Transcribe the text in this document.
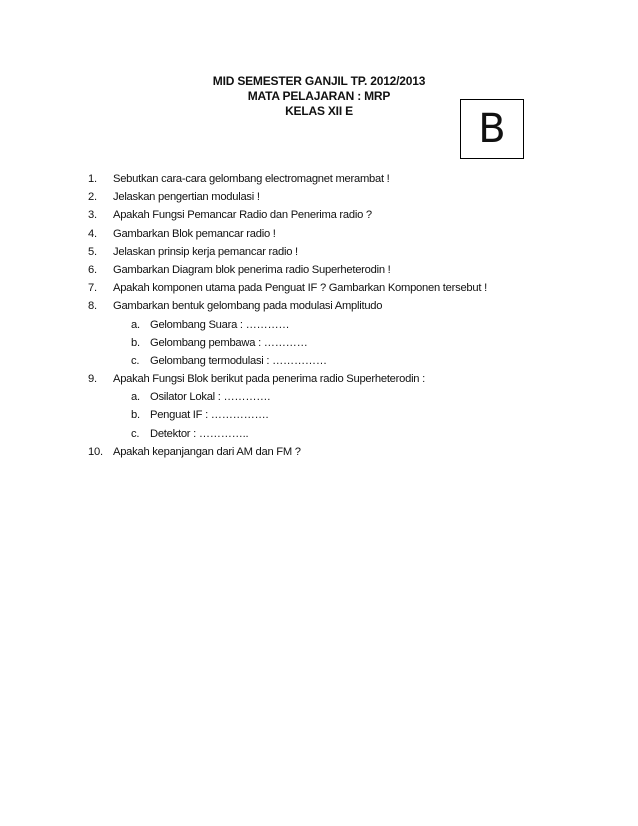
MID SEMESTER GANJIL TP. 2012/2013
MATA PELAJARAN : MRP
KELAS XII E	B
1. Sebutkan cara-cara gelombang electromagnet merambat !
2. Jelaskan pengertian modulasi !
3. Apakah Fungsi Pemancar Radio dan Penerima radio ?
4. Gambarkan Blok pemancar radio !
5. Jelaskan prinsip kerja pemancar radio !
6. Gambarkan Diagram blok penerima radio Superheterodin !
7. Apakah komponen utama pada Penguat IF ? Gambarkan Komponen tersebut !
8. Gambarkan bentuk gelombang pada modulasi Amplitudo
a. Gelombang Suara : …………
b. Gelombang pembawa : …………
c. Gelombang termodulasi : ……………
9. Apakah Fungsi Blok berikut pada penerima radio Superheterodin :
a. Osilator Lokal : ………….
b. Penguat IF : …………….
c. Detektor : …………..
10. Apakah kepanjangan dari AM dan FM ?
